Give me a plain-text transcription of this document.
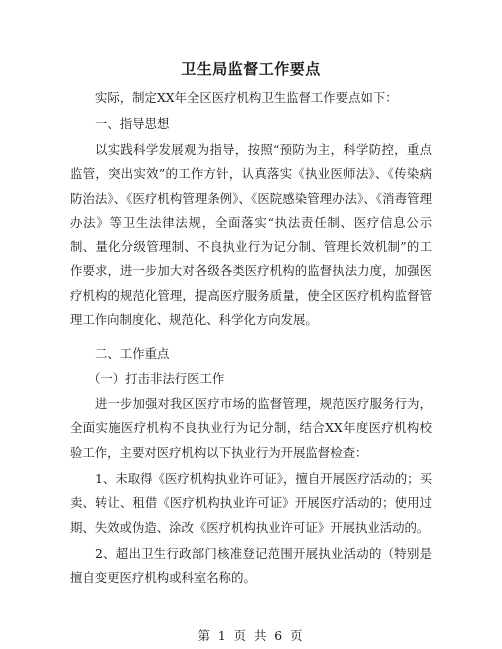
卫生局监督工作要点
实际，制定XX年全区医疗机构卫生监督工作要点如下：
一、指导思想
以实践科学发展观为指导，按照“预防为主，科学防控，重点监管，突出实效”的工作方针，认真落实《执业医师法》、《传染病防治法》、《医疗机构管理条例》、《医院感染管理办法》、《消毒管理办法》等卫生法律法规，全面落实“执法责任制、医疗信息公示制、量化分级管理制、不良执业行为记分制、管理长效机制”的工作要求，进一步加大对各级各类医疗机构的监督执法力度，加强医疗机构的规范化管理，提高医疗服务质量，使全区医疗机构监督管理工作向制度化、规范化、科学化方向发展。
二、工作重点
（一）打击非法行医工作
进一步加强对我区医疗市场的监督管理，规范医疗服务行为，全面实施医疗机构不良执业行为记分制，结合XX年度医疗机构校验工作，主要对医疗机构以下执业行为开展监督检查：
1、未取得《医疗机构执业许可证》，擅自开展医疗活动的；买卖、转让、租借《医疗机构执业许可证》开展医疗活动的；使用过期、失效或伪造、涂改《医疗机构执业许可证》开展执业活动的。
2、超出卫生行政部门核准登记范围开展执业活动的（特别是擅自变更医疗机构或科室名称的。
第 1 页 共 6 页
